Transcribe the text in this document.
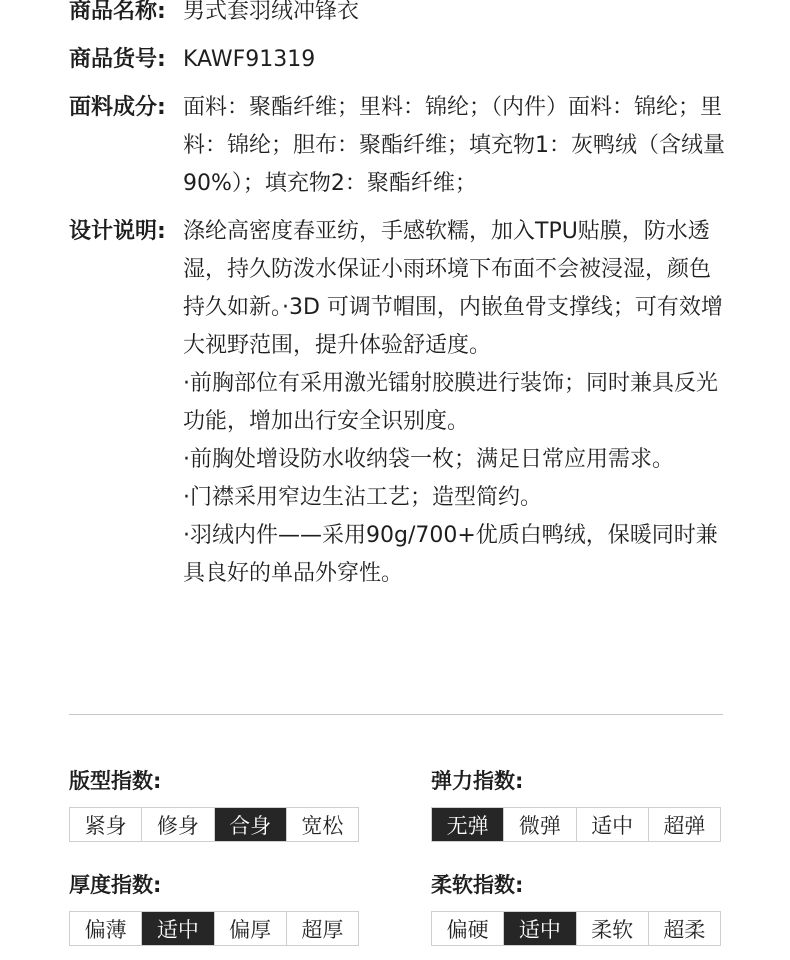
商品名称: 男式套羽绒冲锋衣
商品货号: KAWF91319
面料成分: 面料：聚酯纤维；里料：锦纶；（内件）面料：锦纶；里料：锦纶；胆布：聚酯纤维；填充物1：灰鸭绒（含绒量90%）；填充物2：聚酯纤维；
设计说明: 涤纶高密度春亚纺，手感软糯，加入TPU贴膜，防水透湿，持久防泼水保证小雨环境下布面不会被浸湿，颜色持久如新。·3D 可调节帽围，内嵌鱼骨支撑线；可有效增大视野范围，提升体验舒适度。
·前胸部位有采用激光镭射胶膜进行装饰；同时兼具反光功能，增加出行安全识别度。
·前胸处增设防水收纳袋一枚；满足日常应用需求。
·门襟采用窄边生沾工艺；造型简约。
·羽绒内件——采用90g/700+优质白鸭绒，保暖同时兼具良好的单品外穿性。
版型指数:
紧身	修身	合身	宽松
弹力指数:
无弹	微弹	适中	超弹
厚度指数:
偏薄	适中	偏厚	超厚
柔软指数:
偏硬	适中	柔软	超柔
